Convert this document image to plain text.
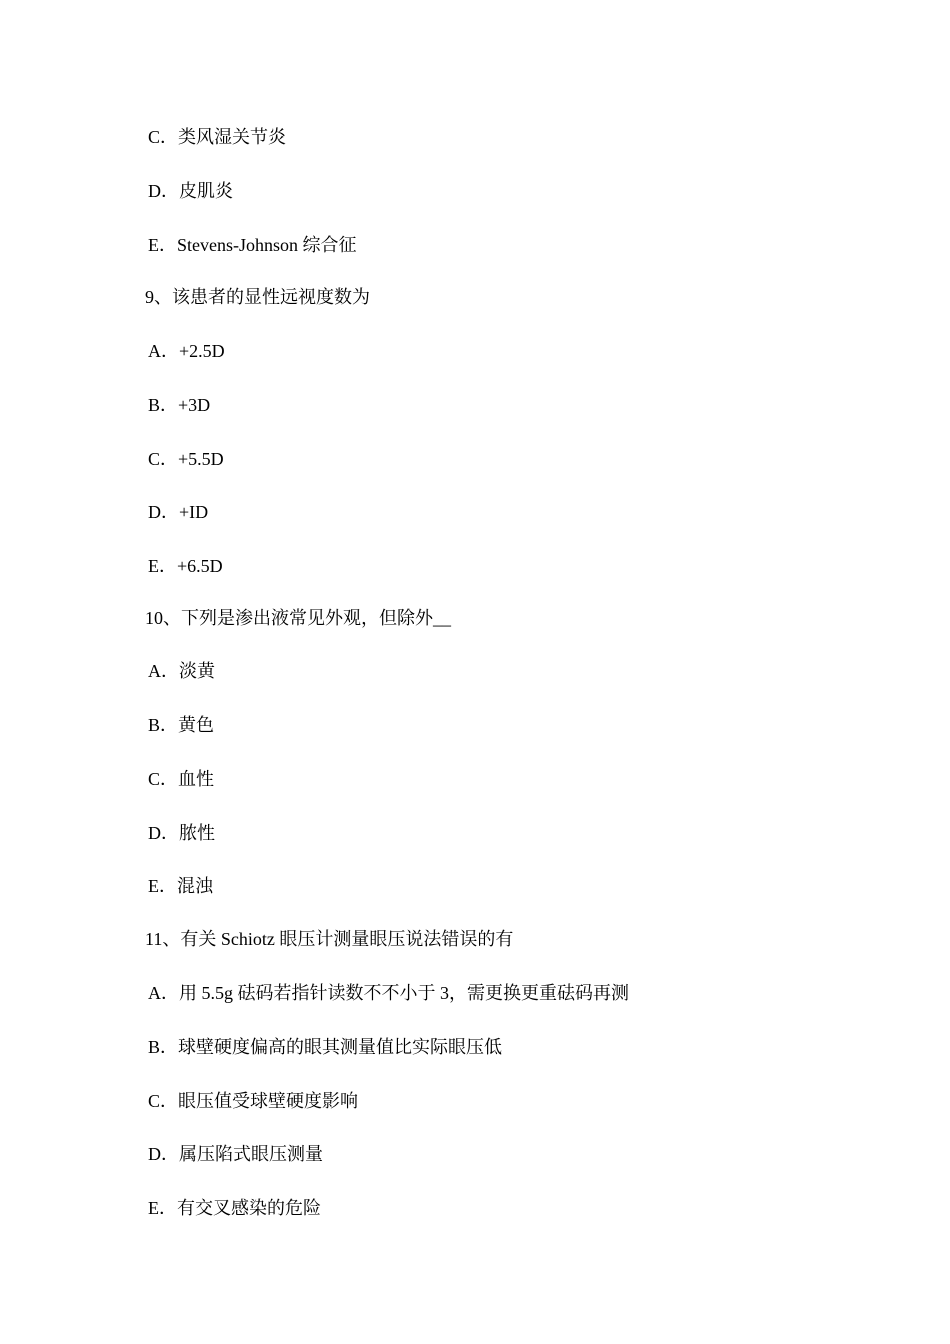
C．类风湿关节炎
D．皮肌炎
E．Stevens-Johnson 综合征
9、该患者的显性远视度数为
A．+2.5D
B．+3D
C．+5.5D
D．+ID
E．+6.5D
10、下列是渗出液常见外观，但除外__
A．淡黄
B．黄色
C．血性
D．脓性
E．混浊
11、有关 Schiotz 眼压计测量眼压说法错误的有
A．用 5.5g 砝码若指针读数不不小于 3，需更换更重砝码再测
B．球壁硬度偏高的眼其测量值比实际眼压低
C．眼压值受球壁硬度影响
D．属压陷式眼压测量
E．有交叉感染的危险
